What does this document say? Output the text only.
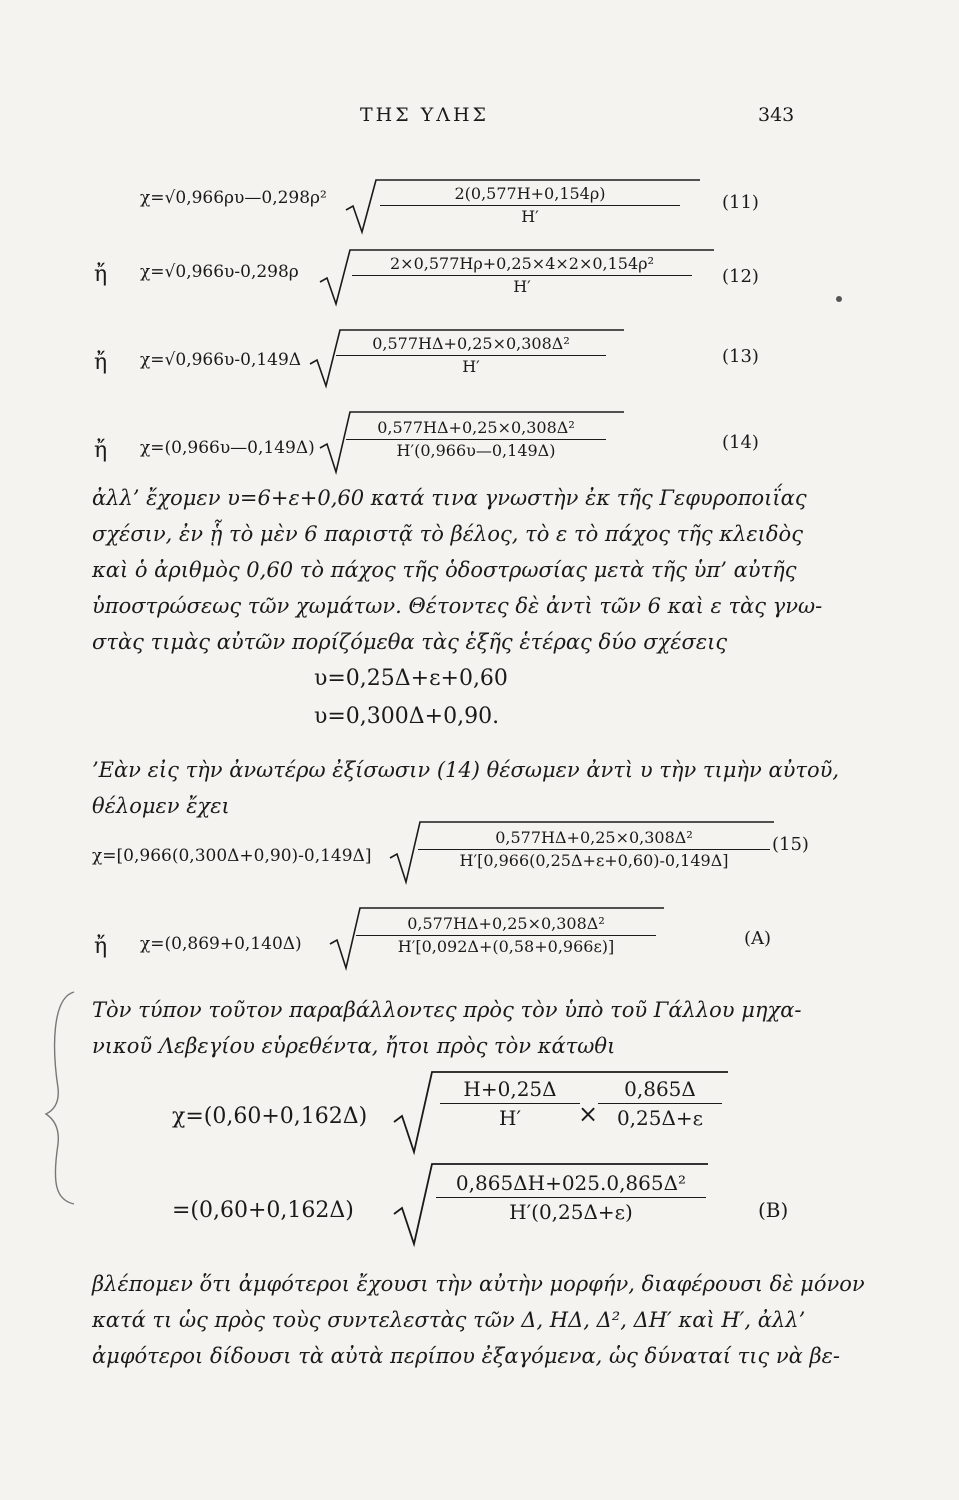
ΤΗΣ ΥΛΗΣ	343
χ=√0,966ρυ—0,298ρ²	2(0,577Η+0,154ρ)
Η′
(11)
ἤ χ=√0,966υ-0,298ρ	2×0,577Ηρ+0,25×4×2×0,154ρ²
Η′	(12)
ἤ χ=√0,966υ-0,149Δ
0,577ΗΔ+0,25×0,308Δ²
Η′	(13)
ἤ χ=(0,966υ—0,149Δ)
0,577ΗΔ+0,25×0,308Δ²
Η′(0,966υ—0,149Δ)	(14)
ἀλλ’ ἔχομεν υ=6+ε+0,60 κατά τινα γνωστὴν ἐκ τῆς Γεφυροποιΐας
σχέσιν, ἐν ᾗ τὸ μὲν 6 παριστᾷ τὸ βέλος, τὸ ε τὸ πάχος τῆς κλειδὸς
καὶ ὁ ἀριθμὸς 0,60 τὸ πάχος τῆς ὁδοστρωσίας μετὰ τῆς ὑπ’ αὐτῆς
ὑποστρώσεως τῶν χωμάτων. Θέτοντες δὲ ἀντὶ τῶν 6 καὶ ε τὰς γνω-
στὰς τιμὰς αὐτῶν πορίζόμεθα τὰς ἑξῆς ἑτέρας δύο σχέσεις
υ=0,25Δ+ε+0,60
υ=0,300Δ+0,90.
’Εὰν εἰς τὴν ἀνωτέρω ἐξίσωσιν (14) θέσωμεν ἀντὶ υ τὴν τιμὴν αὐτοῦ,
θέλομεν ἔχει
χ=[0,966(0,300Δ+0,90)-0,149Δ]
0,577ΗΔ+0,25×0,308Δ²
Η′[0,966(0,25Δ+ε+0,60)-0,149Δ]
(15)
ἤ χ=(0,869+0,140Δ)
0,577ΗΔ+0,25×0,308Δ²
Η′[0,092Δ+(0,58+0,966ε)]	(Α)
Τὸν τύπον τοῦτον παραβάλλοντες πρὸς τὸν ὑπὸ τοῦ Γάλλου μηχα-
νικοῦ Λεβεγίου εὑρεθέντα, ἤτοι πρὸς τὸν κάτωθι
χ=(0,60+0,162Δ)
Η+0,25Δ
Η′	×
0,865Δ
0,25Δ+ε
=(0,60+0,162Δ)
0,865ΔΗ+025.0,865Δ²
Η′(0,25Δ+ε)	(Β)
βλέπομεν ὅτι ἀμφότεροι ἔχουσι τὴν αὐτὴν μορφήν, διαφέρουσι δὲ μόνον
κατά τι ὡς πρὸς τοὺς συντελεστὰς τῶν Δ, ΗΔ, Δ², ΔΗ′ καὶ Η′, ἀλλ’
ἀμφότεροι δίδουσι τὰ αὐτὰ περίπου ἐξαγόμενα, ὡς δύναταί τις νὰ βε-
